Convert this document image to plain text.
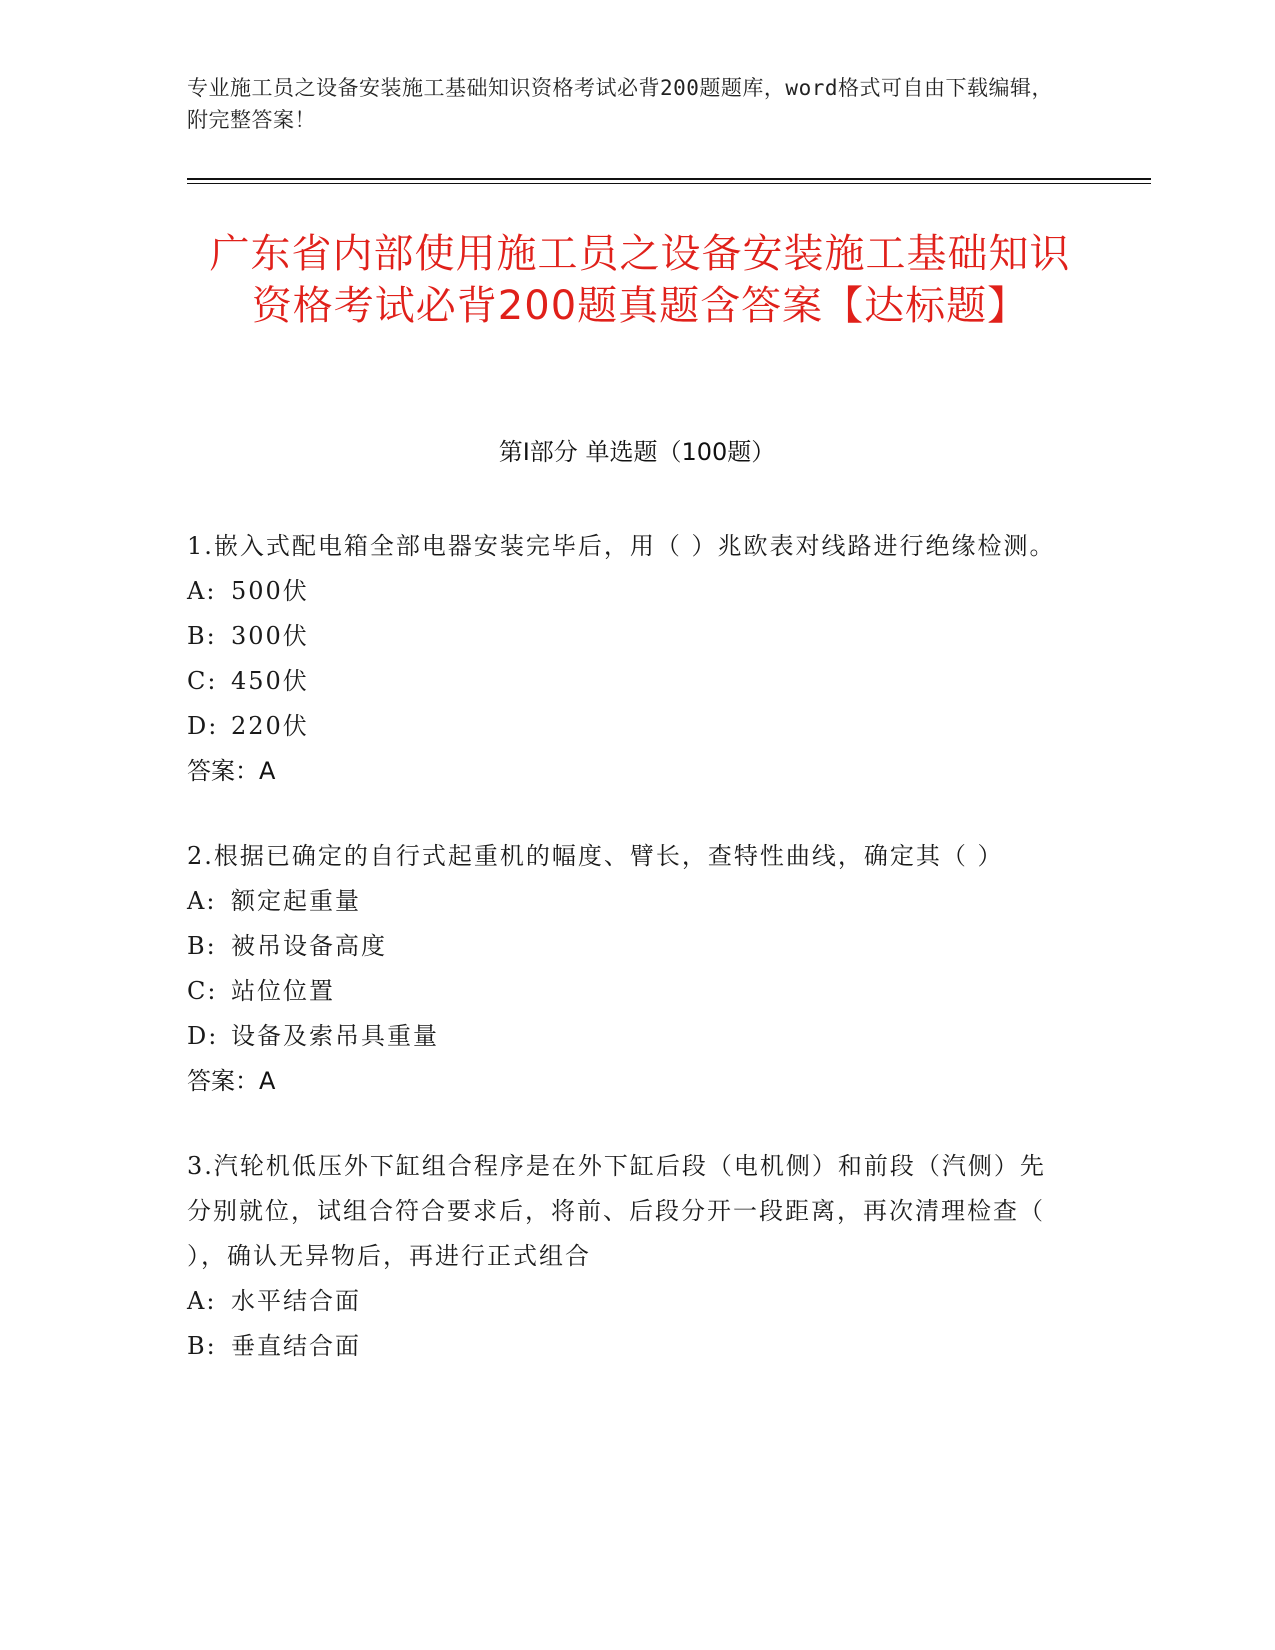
专业施工员之设备安装施工基础知识资格考试必背200题题库，word格式可自由下载编辑，附完整答案！
广东省内部使用施工员之设备安装施工基础知识资格考试必背200题真题含答案【达标题】
第I部分 单选题（100题）
1.嵌入式配电箱全部电器安装完毕后，用（ ）兆欧表对线路进行绝缘检测。
A: 500伏
B: 300伏
C: 450伏
D: 220伏
答案：A
2.根据已确定的自行式起重机的幅度、臂长，查特性曲线，确定其（ ）
A: 额定起重量
B: 被吊设备高度
C: 站位位置
D: 设备及索吊具重量
答案：A
3.汽轮机低压外下缸组合程序是在外下缸后段（电机侧）和前段（汽侧）先分别就位，试组合符合要求后，将前、后段分开一段距离，再次清理检查（ ），确认无异物后，再进行正式组合
A: 水平结合面
B: 垂直结合面
